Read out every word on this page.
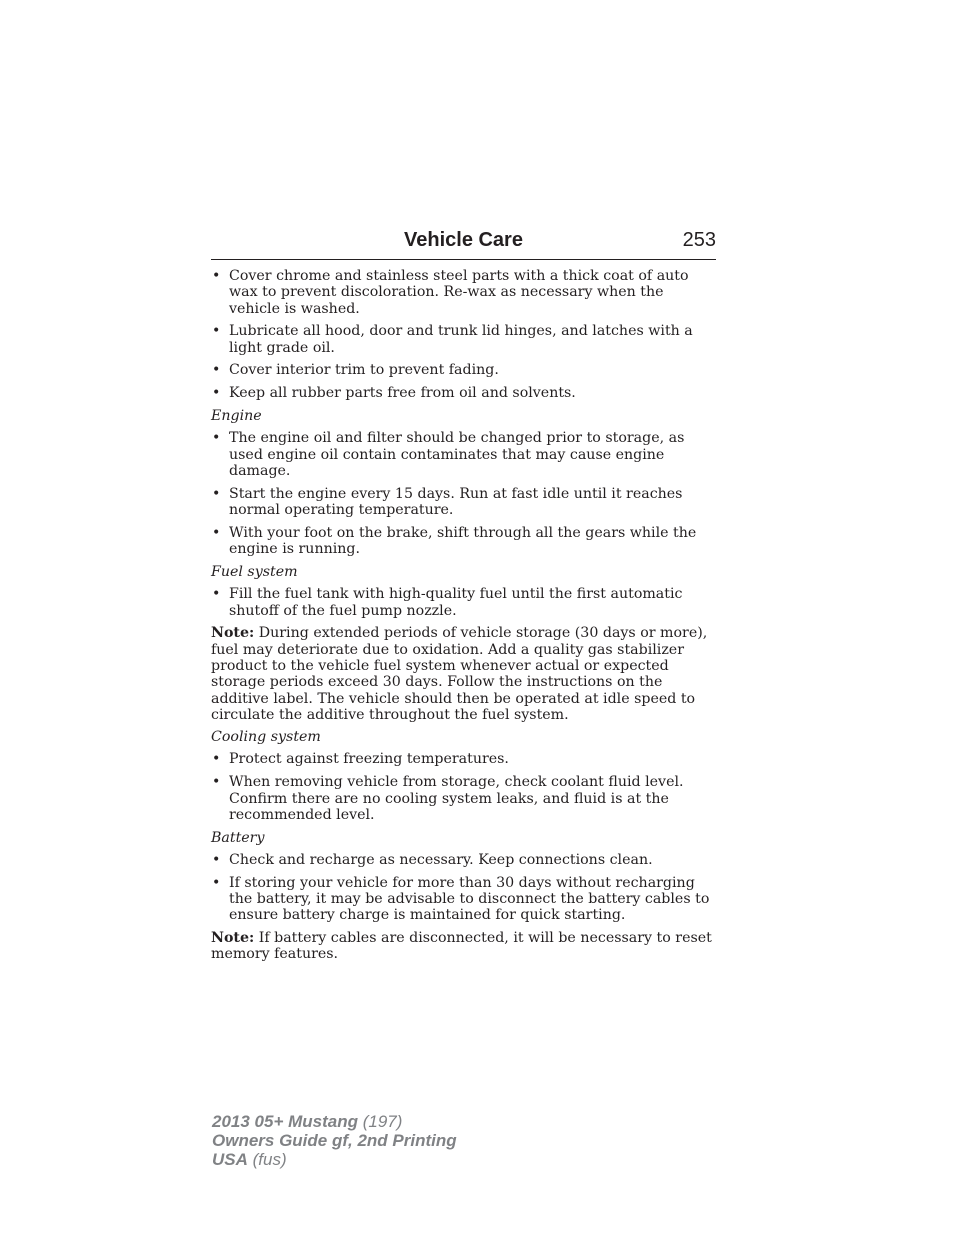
Vehicle Care	253
• Cover chrome and stainless steel parts with a thick coat of auto wax to prevent discoloration. Re-wax as necessary when the vehicle is washed.
• Lubricate all hood, door and trunk lid hinges, and latches with a light grade oil.
• Cover interior trim to prevent fading.
• Keep all rubber parts free from oil and solvents.
Engine
• The engine oil and filter should be changed prior to storage, as used engine oil contain contaminates that may cause engine damage.
• Start the engine every 15 days. Run at fast idle until it reaches normal operating temperature.
• With your foot on the brake, shift through all the gears while the engine is running.
Fuel system
• Fill the fuel tank with high-quality fuel until the first automatic shutoff of the fuel pump nozzle.
Note: During extended periods of vehicle storage (30 days or more), fuel may deteriorate due to oxidation. Add a quality gas stabilizer product to the vehicle fuel system whenever actual or expected storage periods exceed 30 days. Follow the instructions on the additive label. The vehicle should then be operated at idle speed to circulate the additive throughout the fuel system.
Cooling system
• Protect against freezing temperatures.
• When removing vehicle from storage, check coolant fluid level. Confirm there are no cooling system leaks, and fluid is at the recommended level.
Battery
• Check and recharge as necessary. Keep connections clean.
• If storing your vehicle for more than 30 days without recharging the battery, it may be advisable to disconnect the battery cables to ensure battery charge is maintained for quick starting.
Note: If battery cables are disconnected, it will be necessary to reset memory features.
2013 05+ Mustang (197)
Owners Guide gf, 2nd Printing
USA (fus)
